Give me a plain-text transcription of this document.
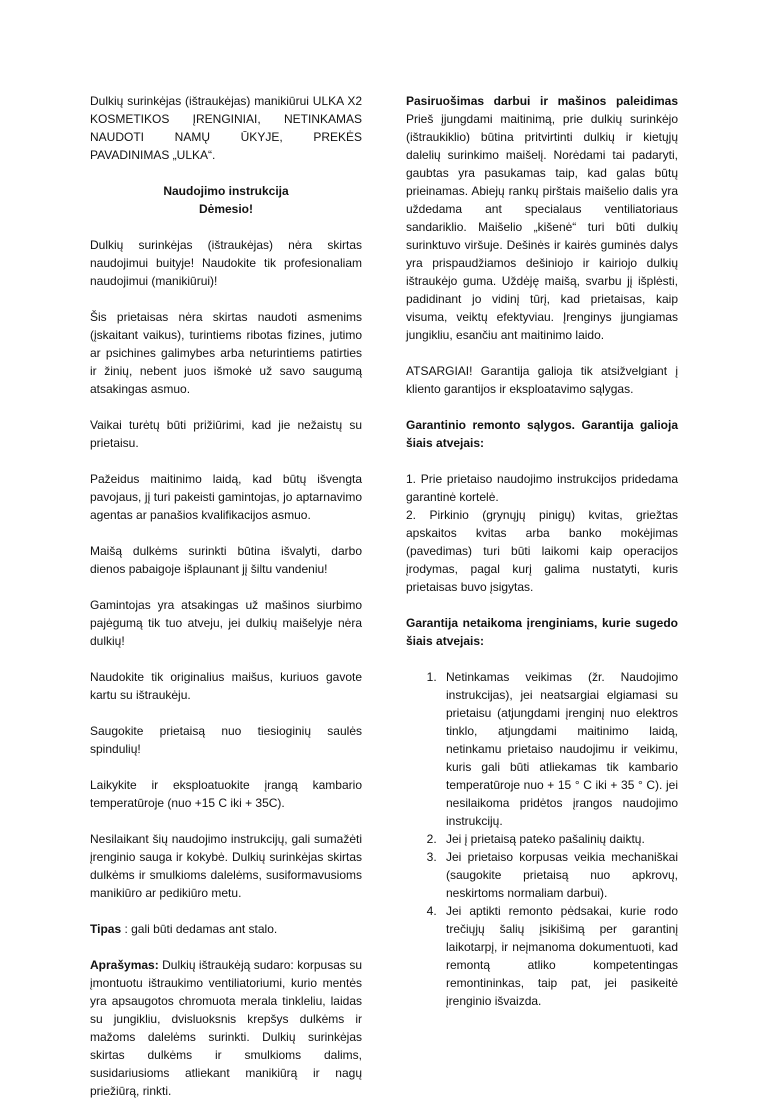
Dulkių surinkėjas (ištraukėjas) manikiūrui ULKA X2 KOSMETIKOS ĮRENGINIAI, NETINKAMAS NAUDOTI NAMŲ ŪKYJE, PREKĖS PAVADINIMAS „ULKA“.

Naudojimo instrukcija
Dėmesio!

Dulkių surinkėjas (ištraukėjas) nėra skirtas naudojimui buityje! Naudokite tik profesionaliam naudojimui (manikiūrui)!

Šis prietaisas nėra skirtas naudoti asmenims (įskaitant vaikus), turintiems ribotas fizines, jutimo ar psichines galimybes arba neturintiems patirties ir žinių, nebent juos išmokė už savo saugumą atsakingas asmuo.

Vaikai turėtų būti prižiūrimi, kad jie nežaistų su prietaisu.

Pažeidus maitinimo laidą, kad būtų išvengta pavojaus, jį turi pakeisti gamintojas, jo aptarnavimo agentas ar panašios kvalifikacijos asmuo.

Maišą dulkėms surinkti būtina išvalyti, darbo dienos pabaigoje išplaunant jį šiltu vandeniu!

Gamintojas yra atsakingas už mašinos siurbimo pajėgumą tik tuo atveju, jei dulkių maišelyje nėra dulkių!

Naudokite tik originalius maišus, kuriuos gavote kartu su ištraukėju.

Saugokite prietaisą nuo tiesioginių saulės spindulių!

Laikykite ir eksploatuokite įrangą kambario temperatūroje (nuo +15 C iki + 35C).

Nesilaikant šių naudojimo instrukcijų, gali sumažėti įrenginio sauga ir kokybė. Dulkių surinkėjas skirtas dulkėms ir smulkioms dalelėms, susiformavusioms manikiūro ar pedikiūro metu.

Tipas : gali būti dedamas ant stalo.

Aprašymas: Dulkių ištraukėją sudaro: korpusas su įmontuotu ištraukimo ventiliatoriumi, kurio mentės yra apsaugotos chromuota merala tinkleliu, laidas su jungikliu, dvisluoksnis krepšys dulkėms ir mažoms dalelėms surinkti. Dulkių surinkėjas skirtas dulkėms ir smulkioms dalims, susidariusioms atliekant manikiūrą ir nagų priežiūrą, rinkti.

Pasiruošimas darbui ir mašinos paleidimas Prieš įjungdami maitinimą, prie dulkių surinkėjo (ištraukiklio) būtina pritvirtinti dulkių ir kietųjų dalelių surinkimo maišelį. Norėdami tai padaryti, gaubtas yra pasukamas taip, kad galas būtų prieinamas. Abiejų rankų pirštais maišelio dalis yra uždedama ant specialaus ventiliatoriaus sandariklio. Maišelio „kišenė“ turi būti dulkių surinktuvo viršuje. Dešinės ir kairės guminės dalys yra prispaudžiamos dešiniojo ir kairiojo dulkių ištraukėjo guma. Uždėję maišą, svarbu jį išplėsti, padidinant jo vidinį tūrį, kad prietaisas, kaip visuma, veiktų efektyviau. Įrenginys įjungiamas jungikliu, esančiu ant maitinimo laido.

ATSARGIAI! Garantija galioja tik atsižvelgiant į kliento garantijos ir eksploatavimo sąlygas.

Garantinio remonto sąlygos. Garantija galioja šiais atvejais:

1. Prie prietaiso naudojimo instrukcijos pridedama garantinė kortelė.

2. Pirkinio (grynųjų pinigų) kvitas, griežtas apskaitos kvitas arba banko mokėjimas (pavedimas) turi būti laikomi kaip operacijos įrodymas, pagal kurį galima nustatyti, kuris prietaisas buvo įsigytas.

Garantija netaikoma įrenginiams, kurie sugedo šiais atvejais:

1. Netinkamas veikimas (žr. Naudojimo instrukcijas), jei neatsargiai elgiamasi su prietaisu (atjungdami įrenginį nuo elektros tinklo, atjungdami maitinimo laidą, netinkamu prietaiso naudojimu ir veikimu, kuris gali būti atliekamas tik kambario temperatūroje nuo + 15 ° C iki + 35 ° C). jei nesilaikoma pridėtos įrangos naudojimo instrukcijų.
2. Jei į prietaisą pateko pašalinių daiktų.
3. Jei prietaiso korpusas veikia mechaniškai (saugokite prietaisą nuo apkrovų, neskirtoms normaliam darbui).
4. Jei aptikti remonto pėdsakai, kurie rodo trečiųjų šalių įsikišimą per garantinį laikotarpį, ir neįmanoma dokumentuoti, kad remontą atliko kompetentingas remontininkas, taip pat, jei pasikeitė įrenginio išvaizda.
